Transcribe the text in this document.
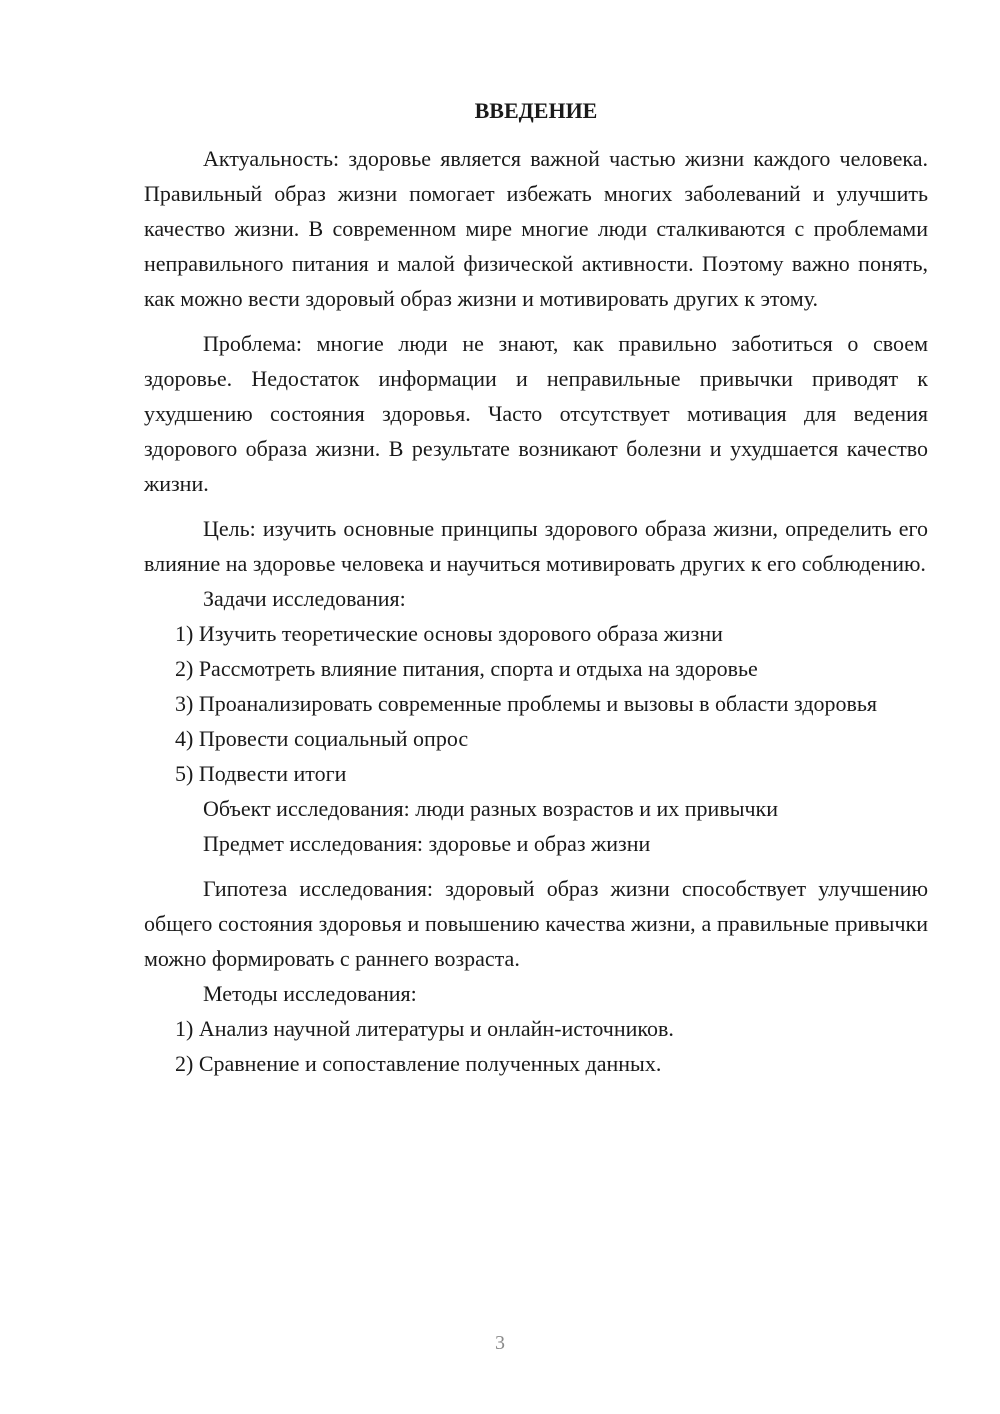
ВВЕДЕНИЕ

Актуальность: здоровье является важной частью жизни каждого человека. Правильный образ жизни помогает избежать многих заболеваний и улучшить качество жизни. В современном мире многие люди сталкиваются с проблемами неправильного питания и малой физической активности. Поэтому важно понять, как можно вести здоровый образ жизни и мотивировать других к этому.

Проблема: многие люди не знают, как правильно заботиться о своем здоровье. Недостаток информации и неправильные привычки приводят к ухудшению состояния здоровья. Часто отсутствует мотивация для ведения здорового образа жизни. В результате возникают болезни и ухудшается качество жизни.

Цель: изучить основные принципы здорового образа жизни, определить его влияние на здоровье человека и научиться мотивировать других к его соблюдению.

Задачи исследования:

1) Изучить теоретические основы здорового образа жизни

2) Рассмотреть влияние питания, спорта и отдыха на здоровье

3) Проанализировать современные проблемы и вызовы в области здоровья

4) Провести социальный опрос

5) Подвести итоги

Объект исследования: люди разных возрастов и их привычки

Предмет исследования: здоровье и образ жизни

Гипотеза исследования: здоровый образ жизни способствует улучшению общего состояния здоровья и повышению качества жизни, а правильные привычки можно формировать с раннего возраста.

Методы исследования:

1) Анализ научной литературы и онлайн-источников.

2) Сравнение и сопоставление полученных данных.

3
